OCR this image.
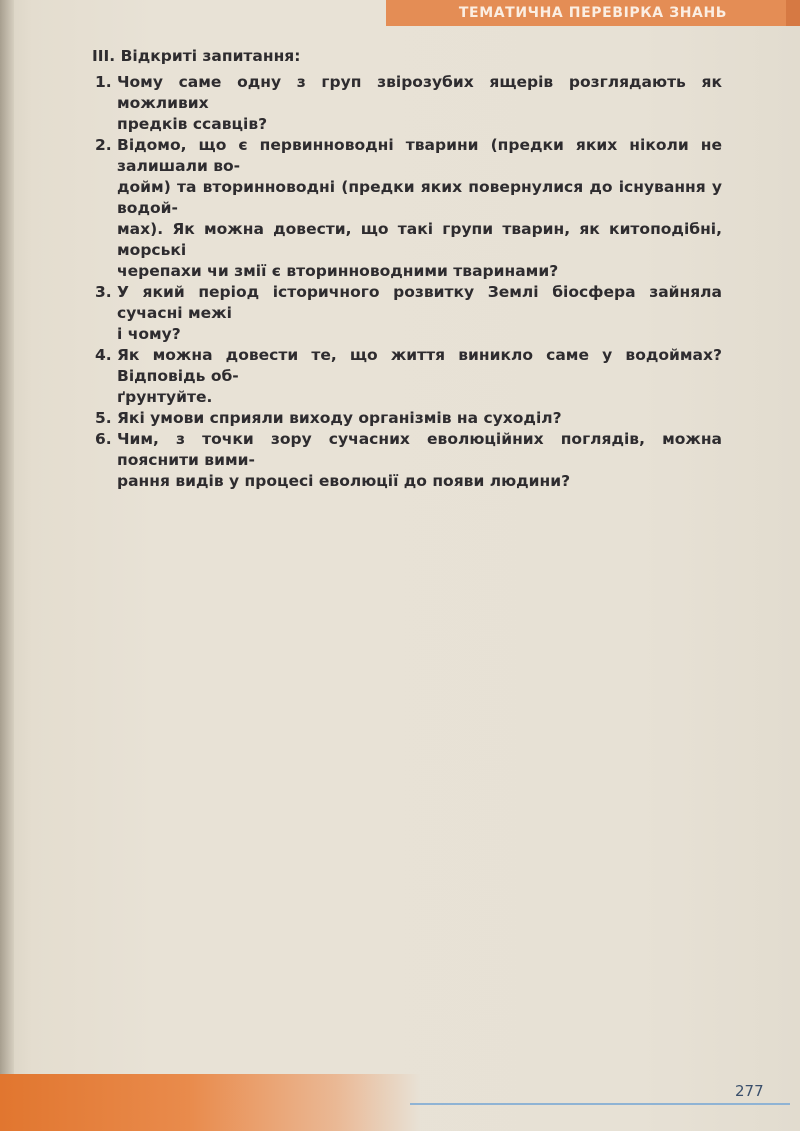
ТЕМАТИЧНА ПЕРЕВІРКА ЗНАНЬ
ІІІ. Відкриті запитання:
1. Чому саме одну з груп звірозубих ящерів розглядають як можливих
предків ссавців?
2. Відомо, що є первинноводні тварини (предки яких ніколи не залишали во-
дойм) та вторинноводні (предки яких повернулися до існування у водой-
мах). Як можна довести, що такі групи тварин, як китоподібні, морські
черепахи чи змії є вторинноводними тваринами?
3. У який період історичного розвитку Землі біосфера зайняла сучасні межі
і чому?
4. Як можна довести те, що життя виникло саме у водоймах? Відповідь об-
ґрунтуйте.
5. Які умови сприяли виходу організмів на суходіл?
6. Чим, з точки зору сучасних еволюційних поглядів, можна пояснити вими-
рання видів у процесі еволюції до появи людини?
277
